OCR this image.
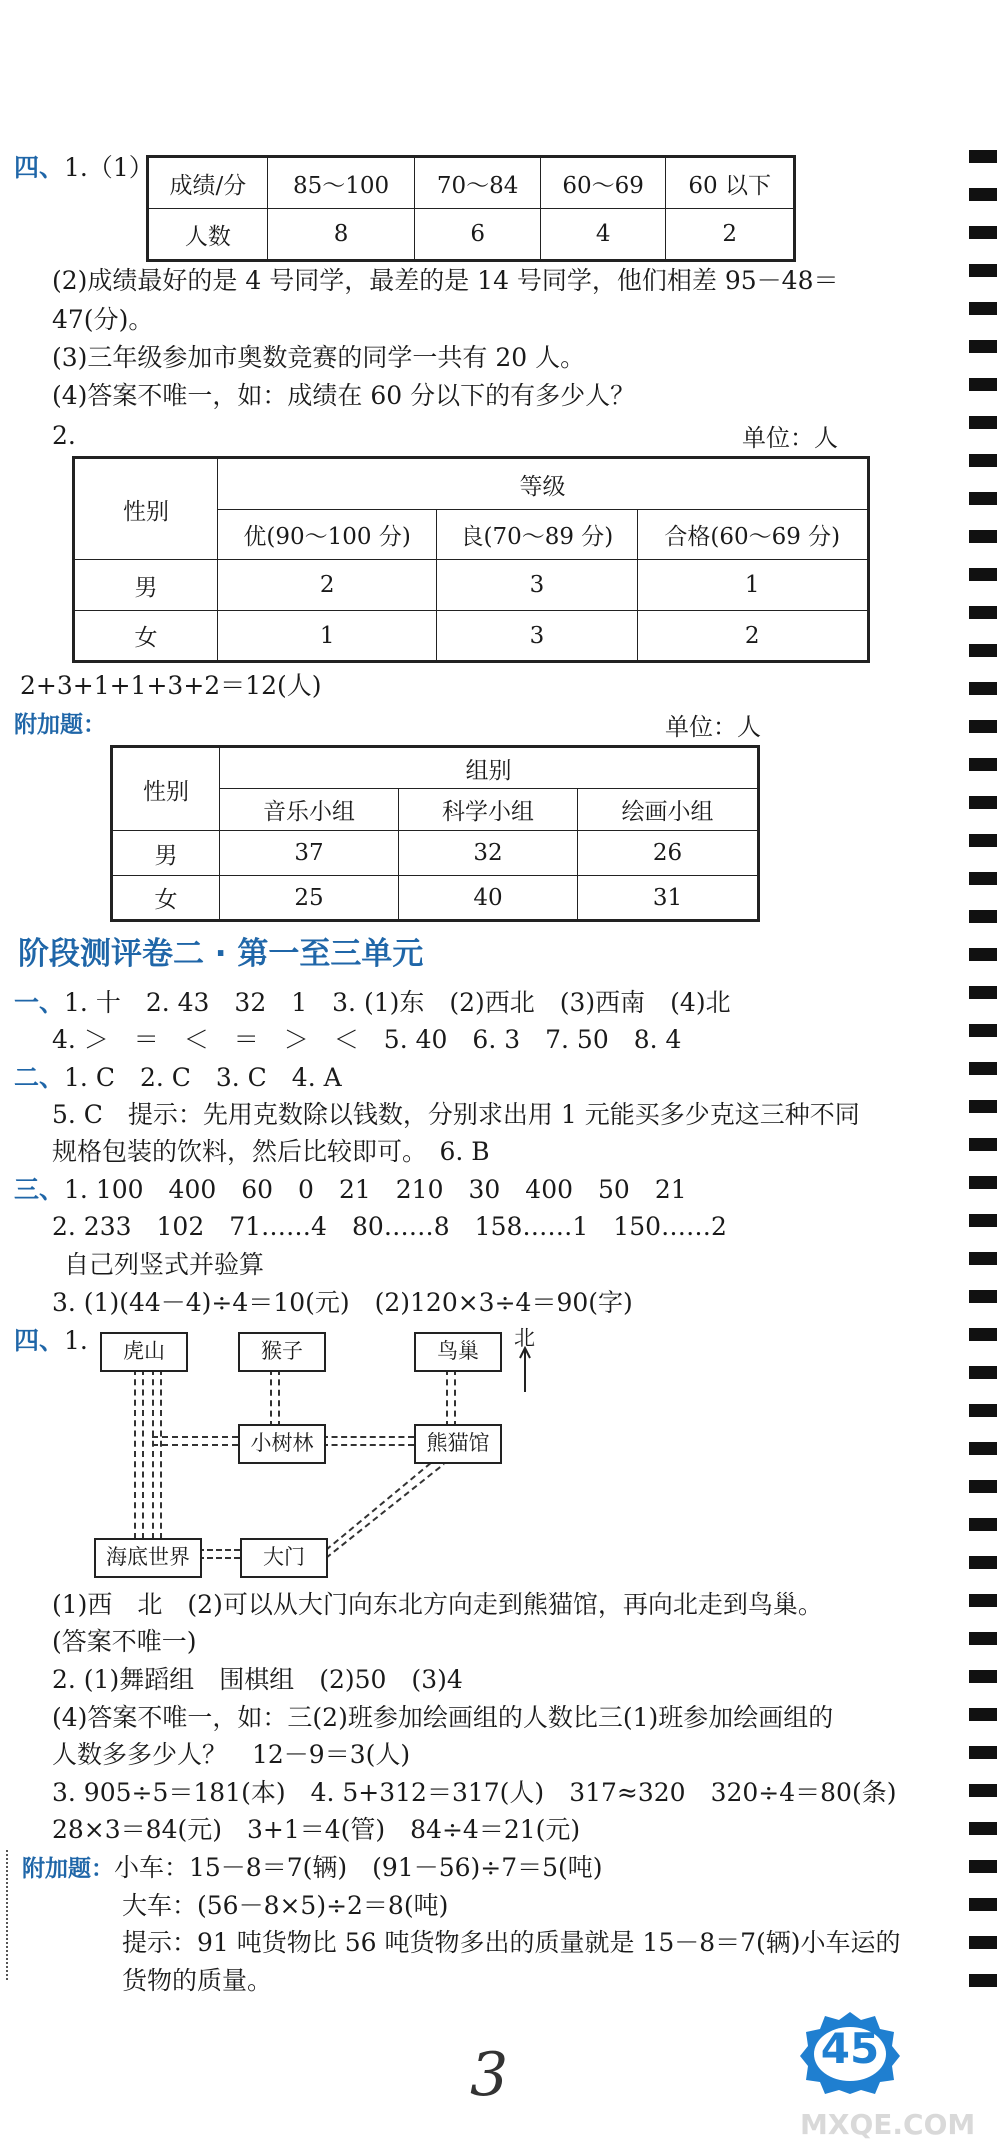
四、1.（1）
成绩/分	85～100	70～84	60～69	60 以下
人数	8	6	4	2
(2)成绩最好的是 4 号同学，最差的是 14 号同学，他们相差 95－48＝
47(分)。
(3)三年级参加市奥数竞赛的同学一共有 20 人。
(4)答案不唯一，如：成绩在 60 分以下的有多少人？
2.	单位：人
性别	等级		
	优(90～100 分)	良(70～89 分)	合格(60～69 分)
男	2	3	1
女	1	3	2
2+3+1+1+3+2＝12(人)
附加题：	单位：人
性别	组别		
	音乐小组	科学小组	绘画小组
男	37	32	26
女	25	40	31
阶段测评卷二 · 第一至三单元
一、1. 十　2. 43　32　1　3. (1)东　(2)西北　(3)西南　(4)北
4. ＞　＝　＜　＝　＞　＜　5. 40　6. 3　7. 50　8. 4
二、1. C　2. C　3. C　4. A
5. C　提示：先用克数除以钱数，分别求出用 1 元能买多少克这三种不同
规格包装的饮料，然后比较即可。　6. B
三、1. 100　400　60　0　21　210　30　400　50　21
2. 233　102　71……4　80……8　158……1　150……2
自己列竖式并验算
3. (1)(44－4)÷4＝10(元)　(2)120×3÷4＝90(字)
四、1.	虎山	猴子	鸟巢
北
小树林	熊猫馆
海底世界	大门
(1)西　北　(2)可以从大门向东北方向走到熊猫馆，再向北走到鸟巢。
(答案不唯一)
2. (1)舞蹈组　围棋组　(2)50　(3)4
(4)答案不唯一，如：三(2)班参加绘画组的人数比三(1)班参加绘画组的
人数多多少人？　12－9＝3(人)
3. 905÷5＝181(本)　4. 5+312＝317(人)　317≈320　320÷4＝80(条)
28×3＝84(元)　3+1＝4(管)　84÷4＝21(元)
附加题：小车：15－8＝7(辆)　(91－56)÷7＝5(吨)
大车：(56－8×5)÷2＝8(吨)
提示：91 吨货物比 56 吨货物多出的质量就是 15－8＝7(辆)小车运的
货物的质量。
3	45
MXQE.COM
